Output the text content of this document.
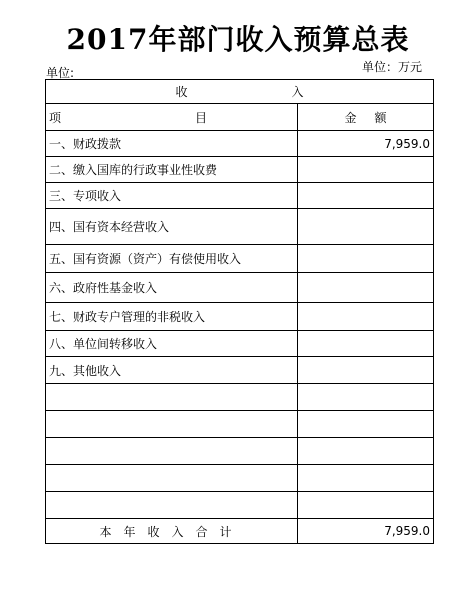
2017年部门收入预算总表
单位:	单位：万元
收 入	
项 目	金 额
一、财政拨款	7,959.0
二、缴入国库的行政事业性收费	
三、专项收入	
四、国有资本经营收入	
五、国有资源（资产）有偿使用收入	
六、政府性基金收入	
七、财政专户管理的非税收入	
八、单位间转移收入	
九、其他收入	

本年收入合计	7,959.0
